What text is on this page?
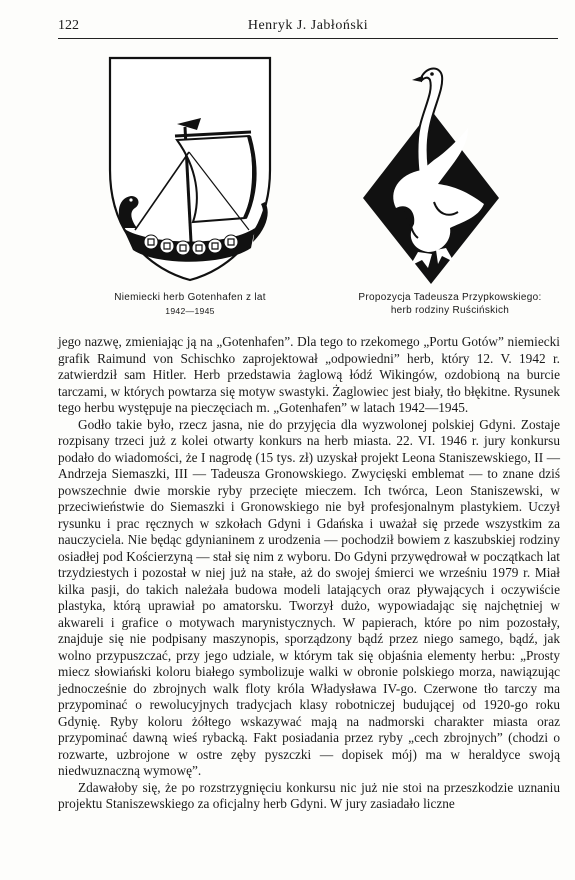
122	Henryk J. Jabłoński
Niemiecki herb Gotenhafen z lat
1942—1945
Propozycja Tadeusza Przypkowskiego:
herb rodziny Ruścińskich

jego nazwę, zmieniając ją na „Gotenhafen”. Dla tego to rzekomego „Portu Gotów” niemiecki grafik Raimund von Schischko zaprojektował „odpowiedni” herb, który 12. V. 1942 r. zatwierdził sam Hitler. Herb przedstawia żaglową łódź Wikingów, ozdobioną na burcie tarczami, w których powtarza się motyw swastyki. Żaglowiec jest biały, tło błękitne. Rysunek tego herbu występuje na pieczęciach m. „Gotenhafen” w latach 1942—1945.

Godło takie było, rzecz jasna, nie do przyjęcia dla wyzwolonej polskiej Gdyni. Zostaje rozpisany trzeci już z kolei otwarty konkurs na herb miasta. 22. VI. 1946 r. jury konkursu podało do wiadomości, że I nagrodę (15 tys. zł) uzyskał projekt Leona Staniszewskiego, II — Andrzeja Siemaszki, III — Tadeusza Gronowskiego. Zwycięski emblemat — to znane dziś powszechnie dwie morskie ryby przecięte mieczem. Ich twórca, Leon Staniszewski, w przeciwieństwie do Siemaszki i Gronowskiego nie był profesjonalnym plastykiem. Uczył rysunku i prac ręcznych w szkołach Gdyni i Gdańska i uważał się przede wszystkim za nauczyciela. Nie będąc gdynianinem z urodzenia — pochodził bowiem z kaszubskiej rodziny osiadłej pod Kościerzyną — stał się nim z wyboru. Do Gdyni przywędrował w początkach lat trzydziestych i pozostał w niej już na stałe, aż do swojej śmierci we wrześniu 1979 r. Miał kilka pasji, do takich należała budowa modeli latających oraz pływających i oczywiście plastyka, którą uprawiał po amatorsku. Tworzył dużo, wypowiadając się najchętniej w akwareli i grafice o motywach marynistycznych. W papierach, które po nim pozostały, znajduje się nie podpisany maszynopis, sporządzony bądź przez niego samego, bądź, jak wolno przypuszczać, przy jego udziale, w którym tak się objaśnia elementy herbu: „Prosty miecz słowiański koloru białego symbolizuje walki w obronie polskiego morza, nawiązując jednocześnie do zbrojnych walk floty króla Władysława IV-go. Czerwone tło tarczy ma przypominać o rewolucyjnych tradycjach klasy robotniczej budującej od 1920-go roku Gdynię. Ryby koloru żółtego wskazywać mają na nadmorski charakter miasta oraz przypominać dawną wieś rybacką. Fakt posiadania przez ryby „cech zbrojnych” (chodzi o rozwarte, uzbrojone w ostre zęby pyszczki — dopisek mój) ma w heraldyce swoją niedwuznaczną wymowę”.

Zdawałoby się, że po rozstrzygnięciu konkursu nic już nie stoi na przeszkodzie uznaniu projektu Staniszewskiego za oficjalny herb Gdyni. W jury zasiadało liczne
